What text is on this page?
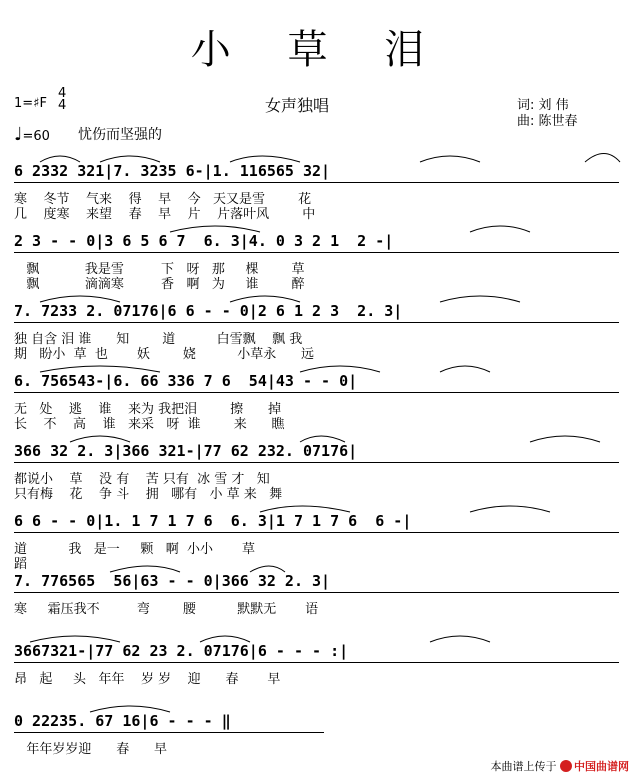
小 草 泪
1=♯F
4
4	女声独唱	词: 刘 伟
曲: 陈世春
♩=60 忧伤而坚强的
6 2332 321|7. 3235 6-|1. 116565 32|
寒    冬节    气来    得    早    今   天又是雪        花
几    度寒    来望    春    早    片    片落叶风        中
2 3 - - 0|3 6 5 6 7  6. 3|4. 0 3 2 1  2 -|
飘           我是雪         下   呀   那     棵        草
飘           滴滴寒         香   啊   为     谁        醉
7. 7233 2. 07176|6 6 - - 0|2 6 1 2 3  2. 3|
独 自含 泪 谁      知        道          白雪飘    飘 我
期   盼小  草  也       妖        娆          小草永      远
6. 756543-|6. 66 336 7 6  54|43 - - 0|
无   处    逃    谁    来为 我把泪        擦      掉
长    不    高    谁   来采   呀  谁        来      瞧
366 32 2. 3|366 321-|77 62 232. 07176|
都说小    草    没 有    苦 只有  冰 雪 才   知
只有梅    花    争 斗    拥   哪有   小 草 来   舞
6 6 - - 0|1. 1 7 1 7 6  6. 3|1 7 1 7 6  6 -|
道          我   是一     颗   啊  小小       草
蹈
7. 776565  56|63 - - 0|366 32 2. 3|
寒     霜压我不         弯        腰          默默无       语
3667321-|77 62 23 2. 07176|6 - - - :|
昂   起     头   年年    岁 岁    迎      春       早
0 22235. 67 16|6 - - - ‖
年年岁岁迎      春      早
本曲谱上传于 中国曲谱网
